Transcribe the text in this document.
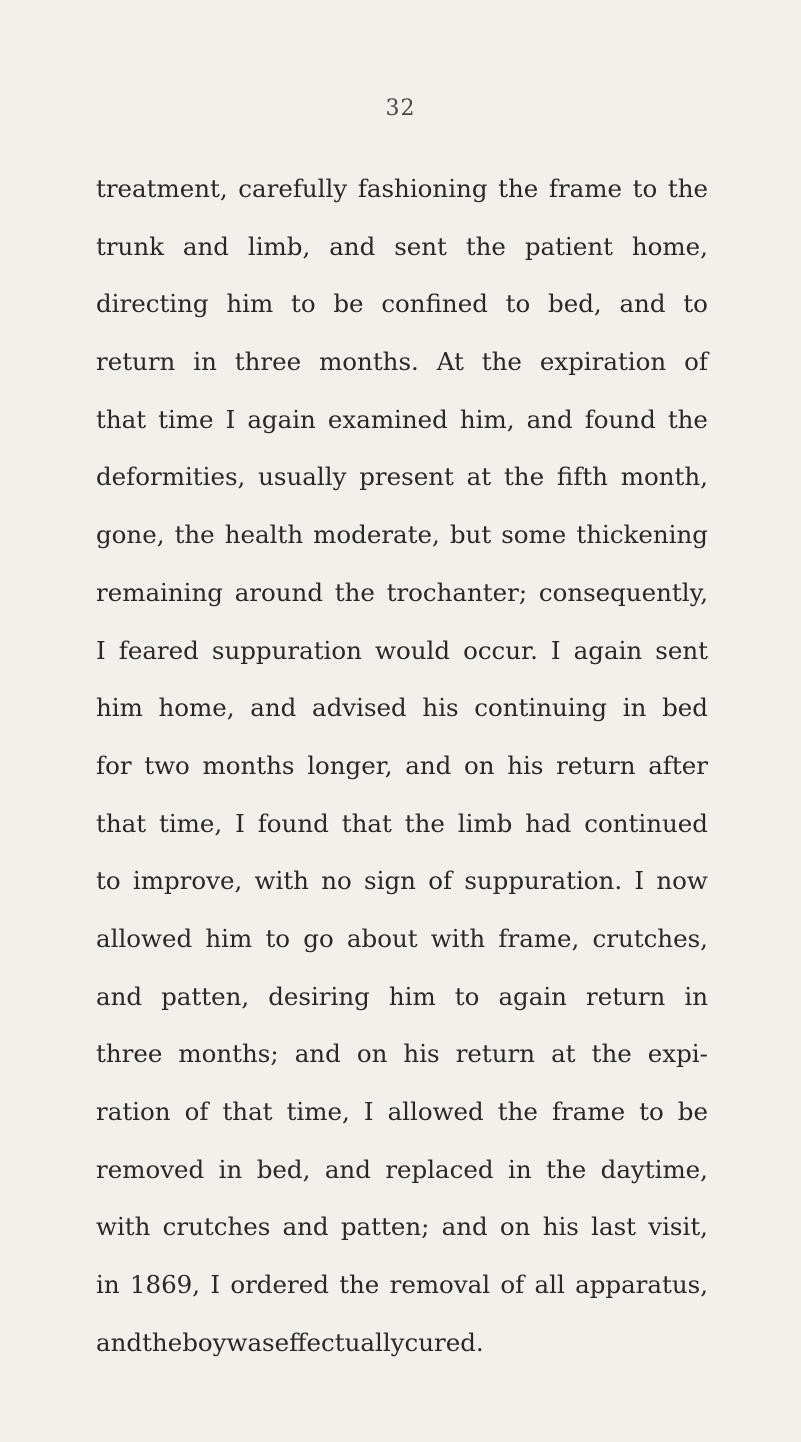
32
treatment, carefully fashioning the frame to the
trunk and limb, and sent the patient home,
directing him to be confined to bed, and to
return in three months. At the expiration of
that time I again examined him, and found the
deformities, usually present at the fifth month,
gone, the health moderate, but some thickening
remaining around the trochanter; consequently,
I feared suppuration would occur. I again sent
him home, and advised his continuing in bed
for two months longer, and on his return after
that time, I found that the limb had continued
to improve, with no sign of suppuration. I now
allowed him to go about with frame, crutches,
and patten, desiring him to again return in
three months; and on his return at the expi-
ration of that time, I allowed the frame to be
removed in bed, and replaced in the daytime,
with crutches and patten; and on his last visit,
in 1869, I ordered the removal of all apparatus,
and the boy was effectually cured.
